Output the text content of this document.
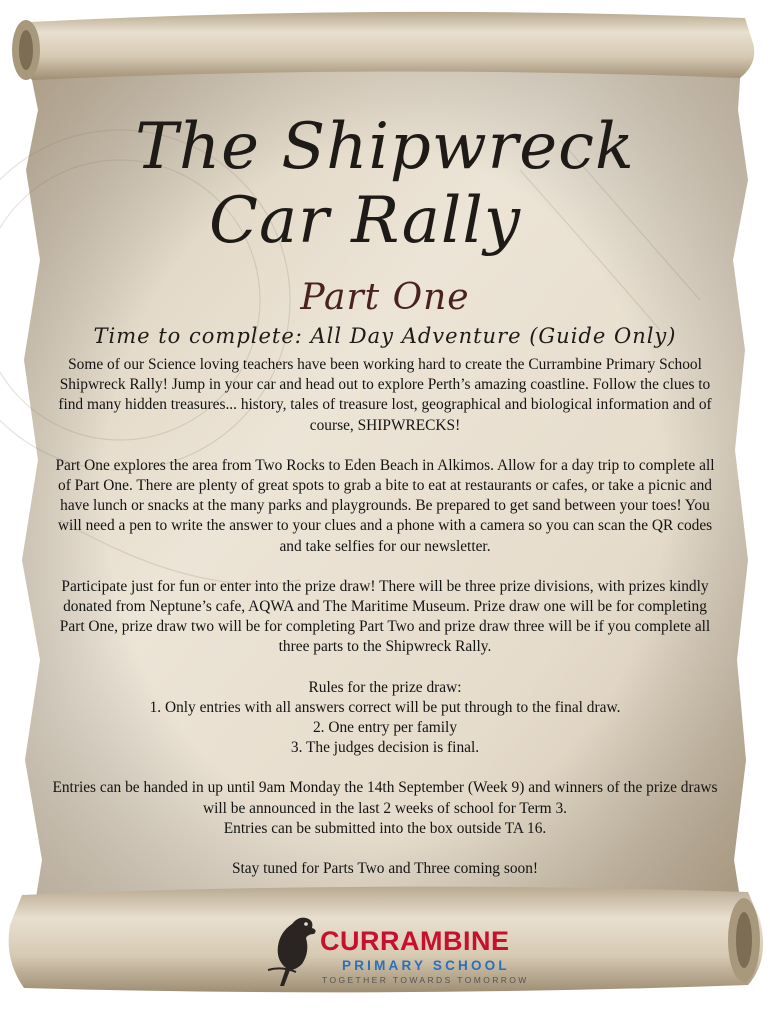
The Shipwreck
Car Rally
Part One
Time to complete: All Day Adventure (Guide Only)

Some of our Science loving teachers have been working hard to create the Currambine Primary School Shipwreck Rally! Jump in your car and head out to explore Perth’s amazing coastline. Follow the clues to find many hidden treasures... history, tales of treasure lost, geographical and biological information and of course, SHIPWRECKS!

Part One explores the area from Two Rocks to Eden Beach in Alkimos. Allow for a day trip to complete all of Part One. There are plenty of great spots to grab a bite to eat at restaurants or cafes, or take a picnic and have lunch or snacks at the many parks and playgrounds. Be prepared to get sand between your toes! You will need a pen to write the answer to your clues and a phone with a camera so you can scan the QR codes and take selfies for our newsletter.

Participate just for fun or enter into the prize draw! There will be three prize divisions, with prizes kindly donated from Neptune’s cafe, AQWA and The Maritime Museum. Prize draw one will be for completing Part One, prize draw two will be for completing Part Two and prize draw three will be if you complete all three parts to the Shipwreck Rally.

Rules for the prize draw:
1. Only entries with all answers correct will be put through to the final draw.
2. One entry per family
3. The judges decision is final.
Entries can be handed in up until 9am Monday the 14th September (Week 9) and winners of the prize draws will be announced in the last 2 weeks of school for Term 3.

Entries can be submitted into the box outside TA 16.

Stay tuned for Parts Two and Three coming soon!

CURRAMBINE
PRIMARY SCHOOL
TOGETHER TOWARDS TOMORROW
